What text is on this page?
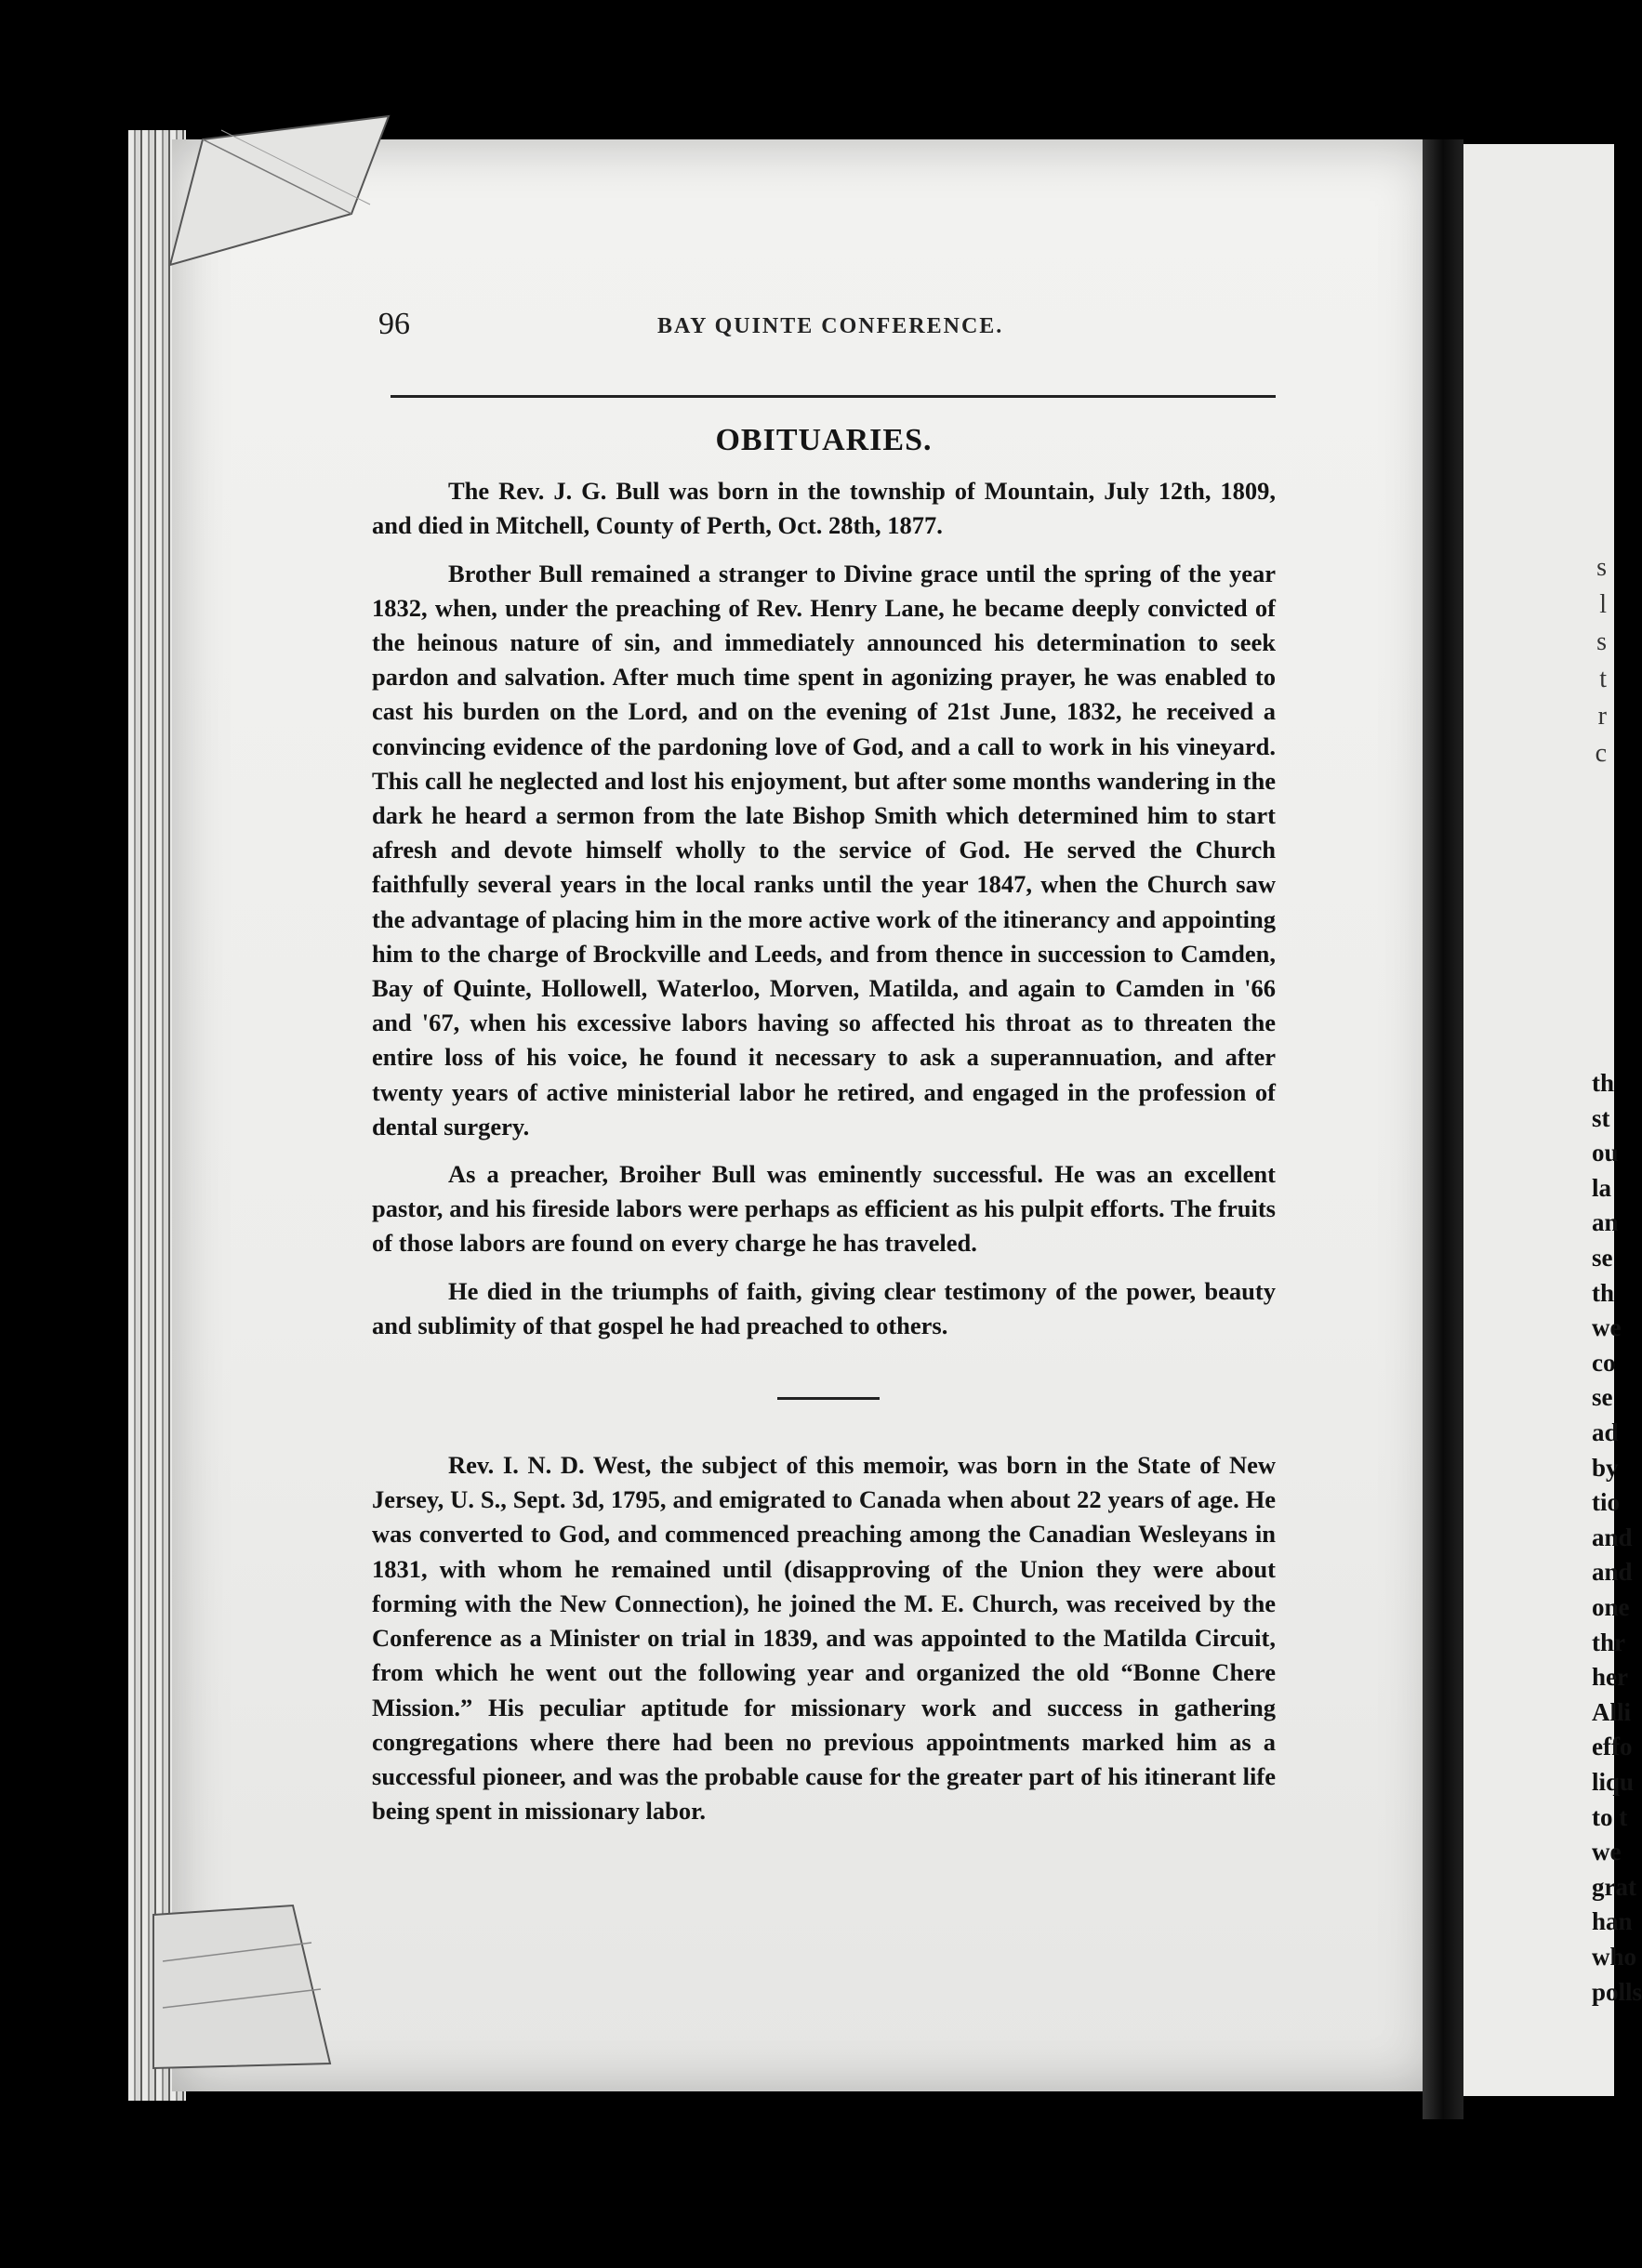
s
l
s
t
r
c
th
st
ou
la
an
se
th
we
co
se
ad
by
tio
and
and
one
thr
her
Alli
effo
liqu
to t
we
grat
han
who
polls
96	BAY QUINTE CONFERENCE.
OBITUARIES.

The Rev. J. G. Bull was born in the township of Mountain, July 12th, 1809, and died in Mitchell, County of Perth, Oct. 28th, 1877.

Brother Bull remained a stranger to Divine grace until the spring of the year 1832, when, under the preaching of Rev. Henry Lane, he became deeply convicted of the heinous nature of sin, and immediately announced his determination to seek pardon and salvation. After much time spent in agonizing prayer, he was enabled to cast his burden on the Lord, and on the evening of 21st June, 1832, he received a convincing evidence of the pardoning love of God, and a call to work in his vineyard. This call he neglected and lost his enjoyment, but after some months wandering in the dark he heard a sermon from the late Bishop Smith which determined him to start afresh and devote himself wholly to the service of God. He served the Church faithfully several years in the local ranks until the year 1847, when the Church saw the advantage of placing him in the more active work of the itinerancy and appointing him to the charge of Brockville and Leeds, and from thence in succession to Camden, Bay of Quinte, Hollowell, Waterloo, Morven, Matilda, and again to Camden in '66 and '67, when his excessive labors having so affected his throat as to threaten the entire loss of his voice, he found it necessary to ask a superannuation, and after twenty years of active ministerial labor he retired, and engaged in the profession of dental surgery.

As a preacher, Broiher Bull was eminently successful. He was an excellent pastor, and his fireside labors were perhaps as efficient as his pulpit efforts. The fruits of those labors are found on every charge he has traveled.

He died in the triumphs of faith, giving clear testimony of the power, beauty and sublimity of that gospel he had preached to others.

Rev. I. N. D. West, the subject of this memoir, was born in the State of New Jersey, U. S., Sept. 3d, 1795, and emigrated to Canada when about 22 years of age. He was converted to God, and commenced preaching among the Canadian Wesleyans in 1831, with whom he remained until (disapproving of the Union they were about forming with the New Connection), he joined the M. E. Church, was received by the Conference as a Minister on trial in 1839, and was appointed to the Matilda Circuit, from which he went out the following year and organized the old “Bonne Chere Mission.” His peculiar aptitude for missionary work and success in gathering congregations where there had been no previous appointments marked him as a successful pioneer, and was the probable cause for the greater part of his itinerant life being spent in missionary labor.
